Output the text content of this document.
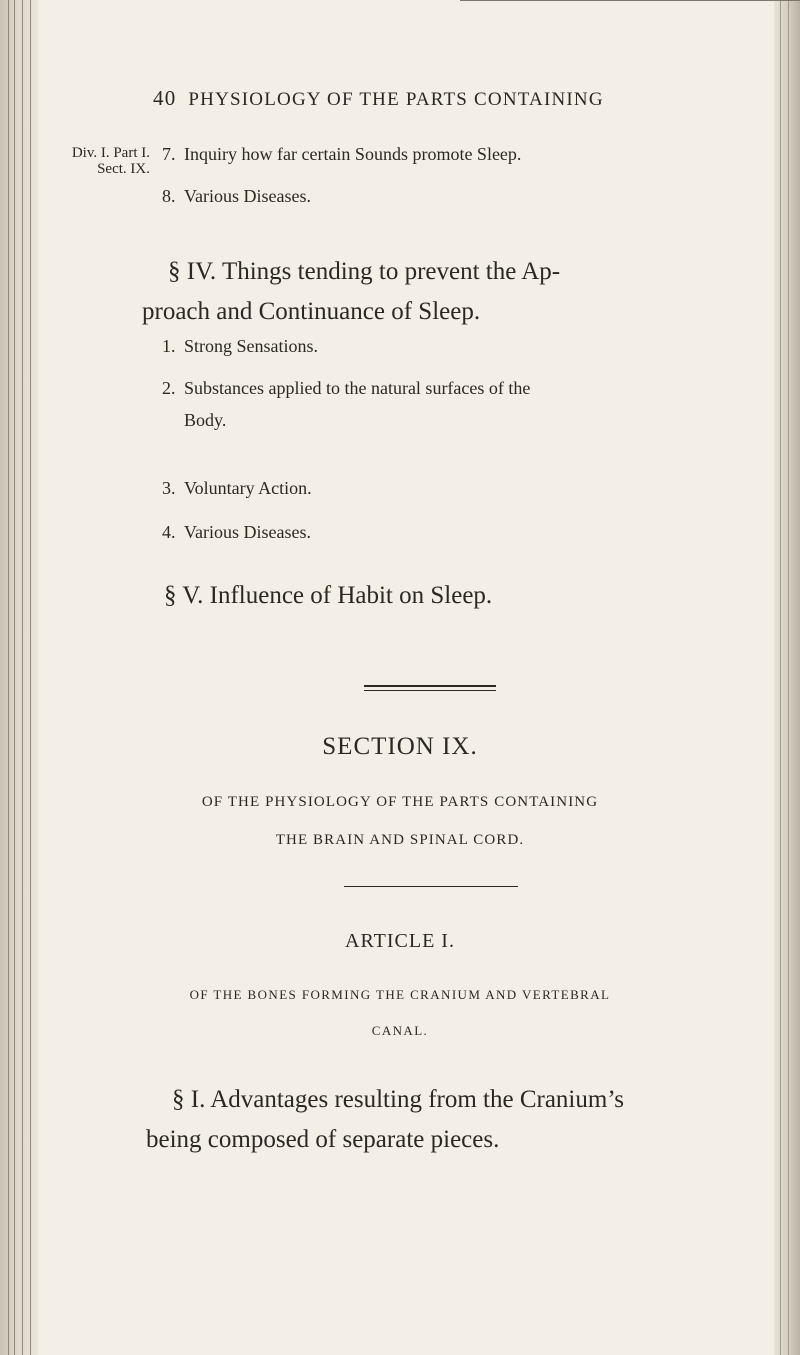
40 PHYSIOLOGY OF THE PARTS CONTAINING
Div. I. Part I.
Sect. IX.
7. Inquiry how far certain Sounds promote Sleep.
8. Various Diseases.
§ IV. Things tending to prevent the Ap-
proach and Continuance of Sleep.
1. Strong Sensations.
2. Substances applied to the natural surfaces of the
Body.
3. Voluntary Action.
4. Various Diseases.
§ V. Influence of Habit on Sleep.
SECTION IX.
OF THE PHYSIOLOGY OF THE PARTS CONTAINING
THE BRAIN AND SPINAL CORD.
ARTICLE I.
OF THE BONES FORMING THE CRANIUM AND VERTEBRAL
CANAL.
§ I. Advantages resulting from the Cranium’s
being composed of separate pieces.
